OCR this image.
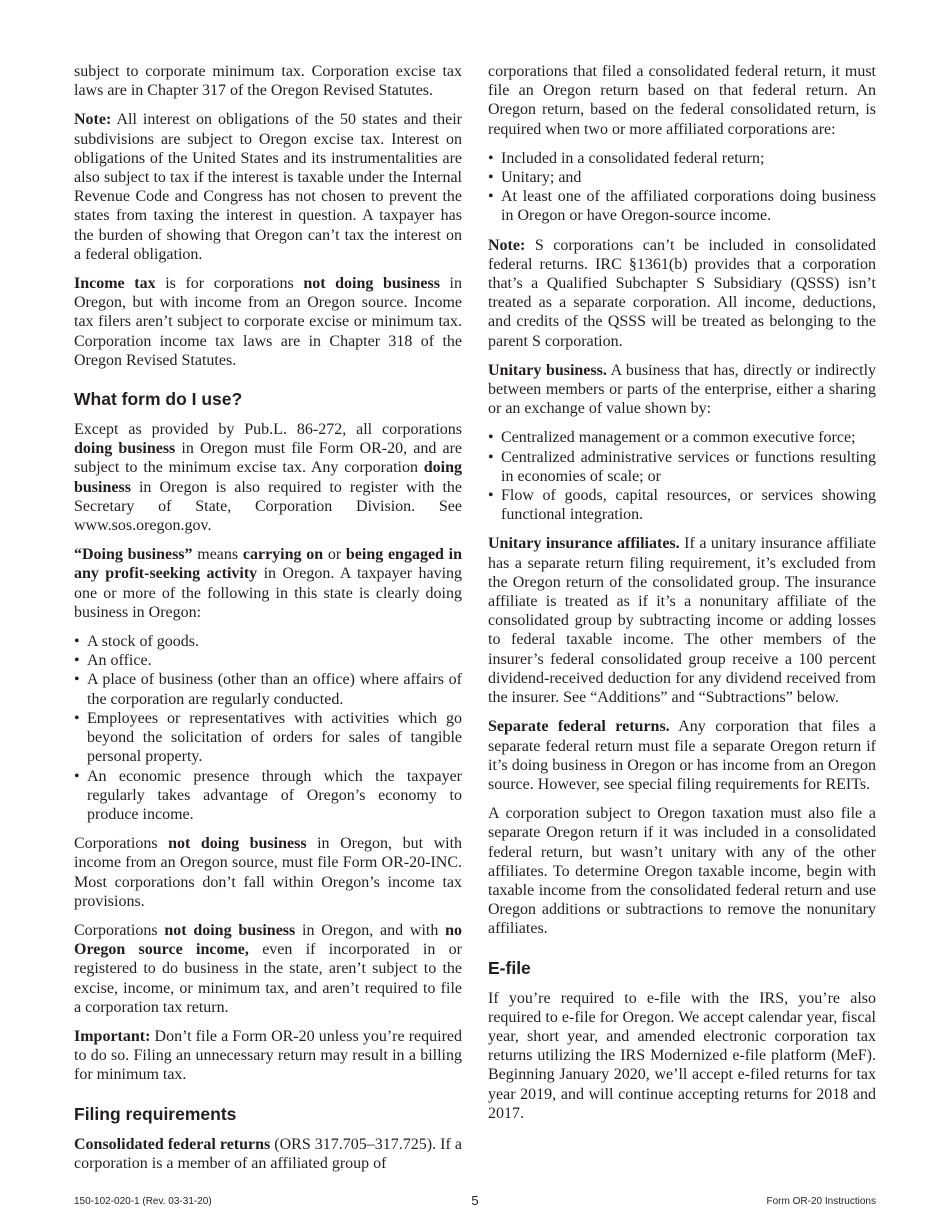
subject to corporate minimum tax. Corporation excise tax laws are in Chapter 317 of the Oregon Revised Statutes.

Note: All interest on obligations of the 50 states and their subdivisions are subject to Oregon excise tax. Interest on obligations of the United States and its instrumentalities are also subject to tax if the interest is taxable under the Internal Revenue Code and Congress has not chosen to prevent the states from taxing the interest in question. A taxpayer has the burden of showing that Oregon can’t tax the interest on a federal obligation.

Income tax is for corporations not doing business in Oregon, but with income from an Oregon source. Income tax filers aren’t subject to corporate excise or minimum tax. Corporation income tax laws are in Chapter 318 of the Oregon Revised Statutes.

What form do I use?

Except as provided by Pub.L. 86-272, all corporations doing business in Oregon must file Form OR-20, and are subject to the minimum excise tax. Any corporation doing business in Oregon is also required to register with the Secretary of State, Corporation Division. See www.sos.oregon.gov.

“Doing business” means carrying on or being engaged in any profit-seeking activity in Oregon. A taxpayer having one or more of the following in this state is clearly doing business in Oregon:

• A stock of goods.
• An office.
• A place of business (other than an office) where affairs of the corporation are regularly conducted.
• Employees or representatives with activities which go beyond the solicitation of orders for sales of tangible personal property.
• An economic presence through which the taxpayer regularly takes advantage of Oregon’s economy to produce income.

Corporations not doing business in Oregon, but with income from an Oregon source, must file Form OR-20-INC. Most corporations don’t fall within Oregon’s income tax provisions.

Corporations not doing business in Oregon, and with no Oregon source income, even if incorporated in or registered to do business in the state, aren’t subject to the excise, income, or minimum tax, and aren’t required to file a corporation tax return.

Important: Don’t file a Form OR-20 unless you’re required to do so. Filing an unnecessary return may result in a billing for minimum tax.

Filing requirements

Consolidated federal returns (ORS 317.705–317.725). If a corporation is a member of an affiliated group of

corporations that filed a consolidated federal return, it must file an Oregon return based on that federal return. An Oregon return, based on the federal consolidated return, is required when two or more affiliated corporations are:

• Included in a consolidated federal return;
• Unitary; and
• At least one of the affiliated corporations doing business in Oregon or have Oregon-source income.

Note: S corporations can’t be included in consolidated federal returns. IRC §1361(b) provides that a corporation that’s a Qualified Subchapter S Subsidiary (QSSS) isn’t treated as a separate corporation. All income, deductions, and credits of the QSSS will be treated as belonging to the parent S corporation.

Unitary business. A business that has, directly or indirectly between members or parts of the enterprise, either a sharing or an exchange of value shown by:

• Centralized management or a common executive force;
• Centralized administrative services or functions resulting in economies of scale; or
• Flow of goods, capital resources, or services showing functional integration.

Unitary insurance affiliates. If a unitary insurance affiliate has a separate return filing requirement, it’s excluded from the Oregon return of the consolidated group. The insurance affiliate is treated as if it’s a nonunitary affiliate of the consolidated group by subtracting income or adding losses to federal taxable income. The other members of the insurer’s federal consolidated group receive a 100 percent dividend-received deduction for any dividend received from the insurer. See “Additions” and “Subtractions” below.

Separate federal returns. Any corporation that files a separate federal return must file a separate Oregon return if it’s doing business in Oregon or has income from an Oregon source. However, see special filing requirements for REITs.

A corporation subject to Oregon taxation must also file a separate Oregon return if it was included in a consolidated federal return, but wasn’t unitary with any of the other affiliates. To determine Oregon taxable income, begin with taxable income from the consolidated federal return and use Oregon additions or subtractions to remove the nonunitary affiliates.

E-file

If you’re required to e-file with the IRS, you’re also required to e-file for Oregon. We accept calendar year, fiscal year, short year, and amended electronic corporation tax returns utilizing the IRS Modernized e-file platform (MeF). Beginning January 2020, we’ll accept e-filed returns for tax year 2019, and will continue accepting returns for 2018 and 2017.

150-102-020-1 (Rev. 03-31-20)	5	Form OR-20 Instructions
